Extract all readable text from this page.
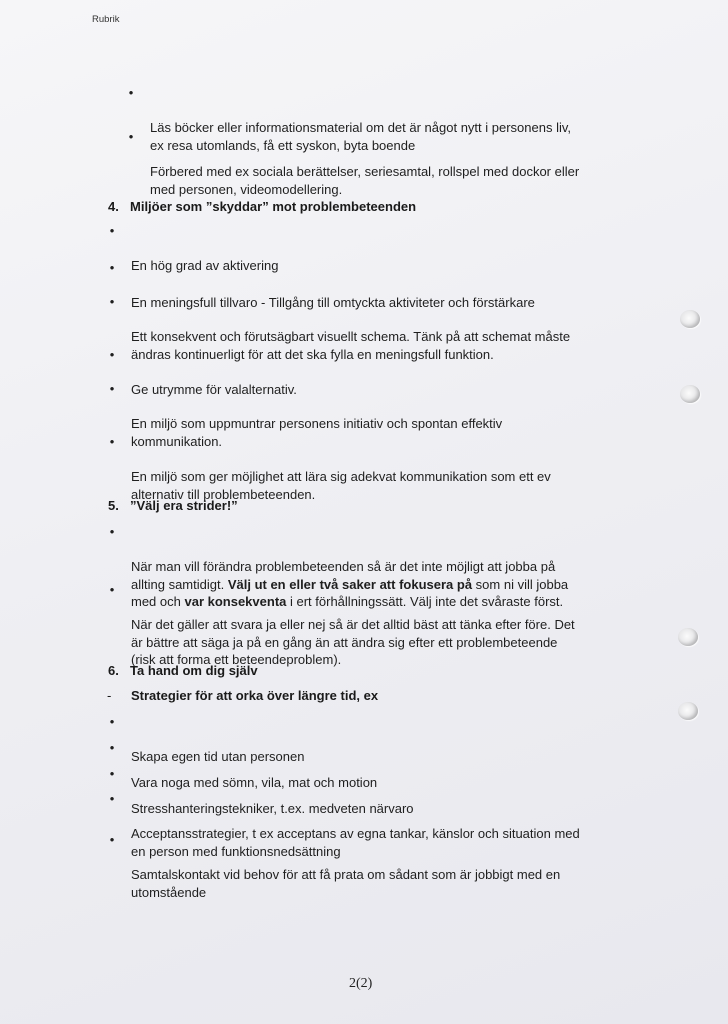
Rubrik

•

Läs böcker eller informationsmaterial om det är något nytt i personens liv,
ex resa utomlands, få ett syskon, byta boende

•

Förbered med ex sociala berättelser, seriesamtal, rollspel med dockor eller
med personen, videomodellering.

4. Miljöer som ”skyddar” mot problembeteenden

•

En hög grad av aktivering

•

En meningsfull tillvaro - Tillgång till omtyckta aktiviteter och förstärkare

•

Ett konsekvent och förutsägbart visuellt schema. Tänk på att schemat måste
ändras kontinuerligt för att det ska fylla en meningsfull funktion.

•

Ge utrymme för valalternativ.

•

En miljö som uppmuntrar personens initiativ och spontan effektiv
kommunikation.

•

En miljö som ger möjlighet att lära sig adekvat kommunikation som ett ev
alternativ till problembeteenden.

5. ”Välj era strider!”

•

När man vill förändra problembeteenden så är det inte möjligt att jobba på
allting samtidigt. Välj ut en eller två saker att fokusera på som ni vill jobba
med och var konsekventa i ert förhållningssätt. Välj inte det svåraste först.

•

När det gäller att svara ja eller nej så är det alltid bäst att tänka efter före. Det
är bättre att säga ja på en gång än att ändra sig efter ett problembeteende
(risk att forma ett beteendeproblem).

6. Ta hand om dig själv
- Strategier för att orka över längre tid, ex

•

Skapa egen tid utan personen

•

Vara noga med sömn, vila, mat och motion

•

Stresshanteringstekniker, t.ex. medveten närvaro

•

Acceptansstrategier, t ex acceptans av egna tankar, känslor och situation med
en person med funktionsnedsättning

•

Samtalskontakt vid behov för att få prata om sådant som är jobbigt med en
utomstående

2(2)
